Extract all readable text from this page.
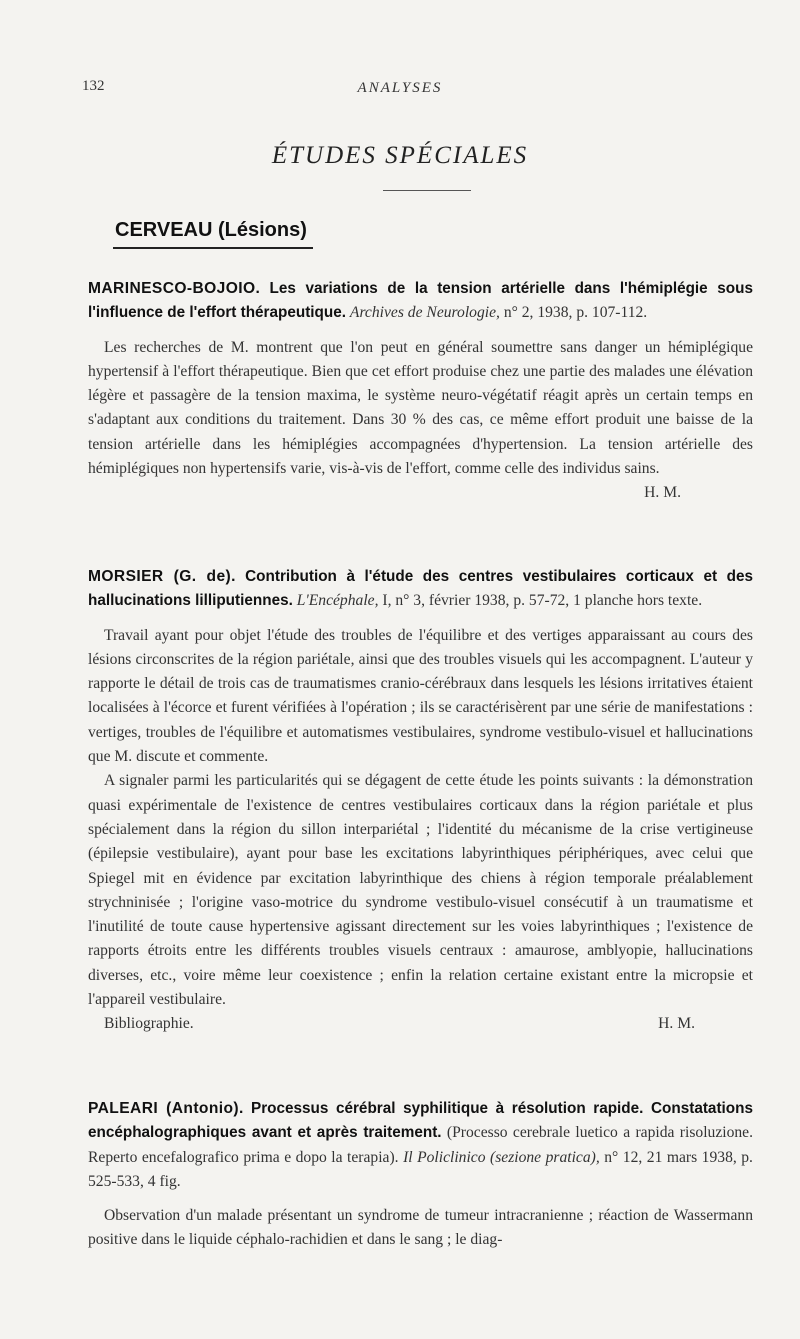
132	ANALYSES
ÉTUDES SPÉCIALES
CERVEAU (Lésions)

MARINESCO-BOJOIO. Les variations de la tension artérielle dans l'hémiplégie sous l'influence de l'effort thérapeutique. Archives de Neurologie, n° 2, 1938, p. 107-112.

Les recherches de M. montrent que l'on peut en général soumettre sans danger un hémiplégique hypertensif à l'effort thérapeutique. Bien que cet effort produise chez une partie des malades une élévation légère et passagère de la tension maxima, le système neuro-végétatif réagit après un certain temps en s'adaptant aux conditions du traitement. Dans 30 % des cas, ce même effort produit une baisse de la tension artérielle dans les hémiplégies accompagnées d'hypertension. La tension artérielle des hémiplégiques non hypertensifs varie, vis-à-vis de l'effort, comme celle des individus sains.

H. M.

MORSIER (G. de). Contribution à l'étude des centres vestibulaires corticaux et des hallucinations lilliputiennes. L'Encéphale, I, n° 3, février 1938, p. 57-72, 1 planche hors texte.

Travail ayant pour objet l'étude des troubles de l'équilibre et des vertiges apparaissant au cours des lésions circonscrites de la région pariétale, ainsi que des troubles visuels qui les accompagnent. L'auteur y rapporte le détail de trois cas de traumatismes cranio-cérébraux dans lesquels les lésions irritatives étaient localisées à l'écorce et furent vérifiées à l'opération ; ils se caractérisèrent par une série de manifestations : vertiges, troubles de l'équilibre et automatismes vestibulaires, syndrome vestibulo-visuel et hallucinations que M. discute et commente.

A signaler parmi les particularités qui se dégagent de cette étude les points suivants : la démonstration quasi expérimentale de l'existence de centres vestibulaires corticaux dans la région pariétale et plus spécialement dans la région du sillon interpariétal ; l'identité du mécanisme de la crise vertigineuse (épilepsie vestibulaire), ayant pour base les excitations labyrinthiques périphériques, avec celui que Spiegel mit en évidence par excitation labyrinthique des chiens à région temporale préalablement strychninisée ; l'origine vaso-motrice du syndrome vestibulo-visuel consécutif à un traumatisme et l'inutilité de toute cause hypertensive agissant directement sur les voies labyrinthiques ; l'existence de rapports étroits entre les différents troubles visuels centraux : amaurose, amblyopie, hallucinations diverses, etc., voire même leur coexistence ; enfin la relation certaine existant entre la micropsie et l'appareil vestibulaire.

Bibliographie.	H. M.

PALEARI (Antonio). Processus cérébral syphilitique à résolution rapide. Constatations encéphalographiques avant et après traitement. (Processo cerebrale luetico a rapida risoluzione. Reperto encefalografico prima e dopo la terapia). Il Policlinico (sezione pratica), n° 12, 21 mars 1938, p. 525-533, 4 fig.

Observation d'un malade présentant un syndrome de tumeur intracranienne ; réaction de Wassermann positive dans le liquide céphalo-rachidien et dans le sang ; le diag-
